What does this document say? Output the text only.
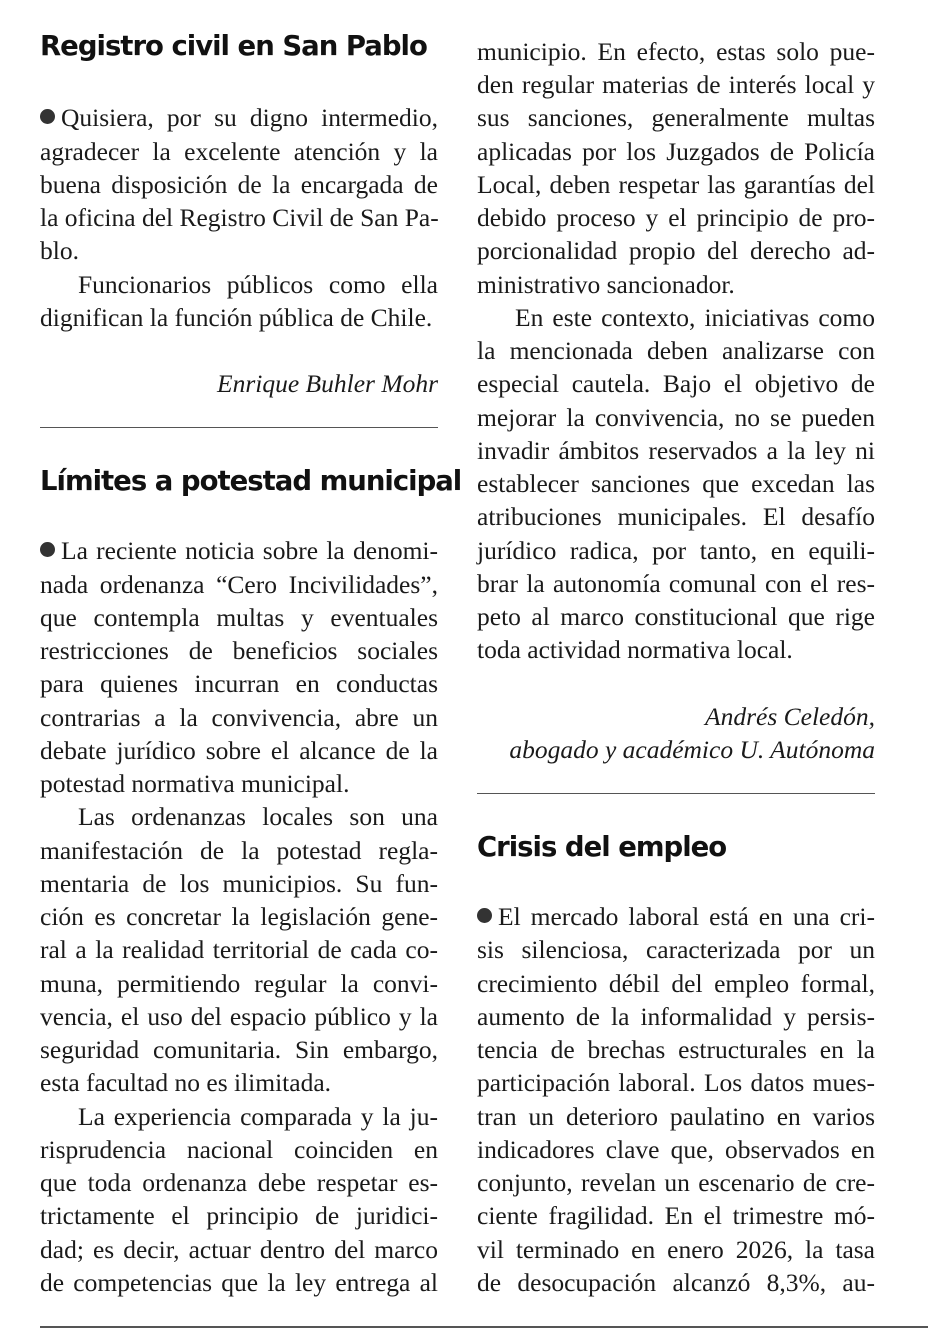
Registro civil en San Pablo
Quisiera, por su digno intermedio,
agradecer la excelente atención y la
buena disposición de la encargada de
la oficina del Registro Civil de San Pa-
blo.
Funcionarios públicos como ella
dignifican la función pública de Chile.
Enrique Buhler Mohr
Límites a potestad municipal
La reciente noticia sobre la denomi-
nada ordenanza “Cero Incivilidades”,
que contempla multas y eventuales
restricciones de beneficios sociales
para quienes incurran en conductas
contrarias a la convivencia, abre un
debate jurídico sobre el alcance de la
potestad normativa municipal.
Las ordenanzas locales son una
manifestación de la potestad regla-
mentaria de los municipios. Su fun-
ción es concretar la legislación gene-
ral a la realidad territorial de cada co-
muna, permitiendo regular la convi-
vencia, el uso del espacio público y la
seguridad comunitaria. Sin embargo,
esta facultad no es ilimitada.
La experiencia comparada y la ju-
risprudencia nacional coinciden en
que toda ordenanza debe respetar es-
trictamente el principio de juridici-
dad; es decir, actuar dentro del marco
de competencias que la ley entrega al
municipio. En efecto, estas solo pue-
den regular materias de interés local y
sus sanciones, generalmente multas
aplicadas por los Juzgados de Policía
Local, deben respetar las garantías del
debido proceso y el principio de pro-
porcionalidad propio del derecho ad-
ministrativo sancionador.
En este contexto, iniciativas como
la mencionada deben analizarse con
especial cautela. Bajo el objetivo de
mejorar la convivencia, no se pueden
invadir ámbitos reservados a la ley ni
establecer sanciones que excedan las
atribuciones municipales. El desafío
jurídico radica, por tanto, en equili-
brar la autonomía comunal con el res-
peto al marco constitucional que rige
toda actividad normativa local.
Andrés Celedón,
abogado y académico U. Autónoma
Crisis del empleo
El mercado laboral está en una cri-
sis silenciosa, caracterizada por un
crecimiento débil del empleo formal,
aumento de la informalidad y persis-
tencia de brechas estructurales en la
participación laboral. Los datos mues-
tran un deterioro paulatino en varios
indicadores clave que, observados en
conjunto, revelan un escenario de cre-
ciente fragilidad. En el trimestre mó-
vil terminado en enero 2026, la tasa
de desocupación alcanzó 8,3%, au-
